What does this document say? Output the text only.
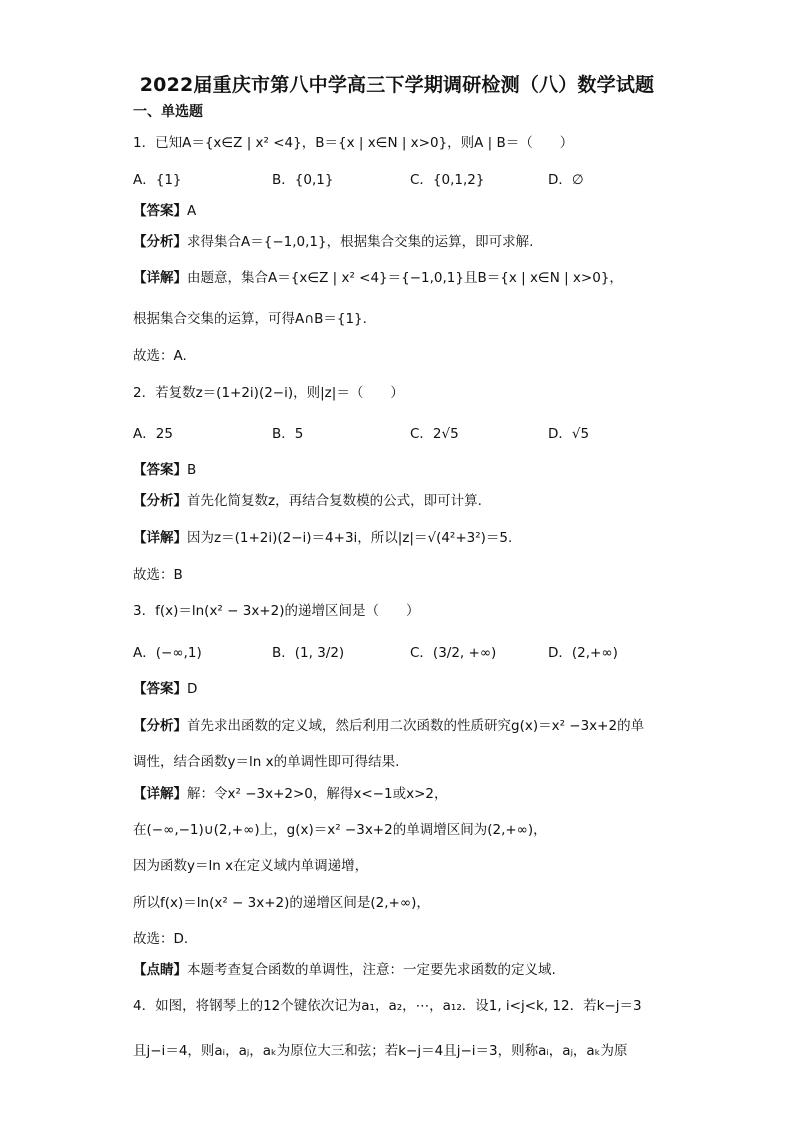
2022届重庆市第八中学高三下学期调研检测（八）数学试题
一、单选题
1．已知A＝{x∈Z | x² <4}，B＝{x | x∈N | x>0}，则A | B＝（　　）
A．{1}	B．{0,1}	C．{0,1,2}	D．∅
【答案】A
【分析】求得集合A＝{−1,0,1}，根据集合交集的运算，即可求解.
【详解】由题意，集合A＝{x∈Z | x² <4}＝{−1,0,1}且B＝{x | x∈N | x>0}，
根据集合交集的运算，可得A∩B＝{1}.
故选：A.
2．若复数z＝(1+2i)(2−i)，则|z|＝（　　）
A．25	B．5	C．2√5	D．√5
【答案】B
【分析】首先化简复数z，再结合复数模的公式，即可计算.
【详解】因为z＝(1+2i)(2−i)＝4+3i，所以|z|＝√(4²+3²)＝5.
故选：B
3．f(x)＝ln(x² − 3x+2)的递增区间是（　　）
A．(−∞,1)	B．(1, 3/2)	C．(3/2, +∞)	D．(2,+∞)
【答案】D
【分析】首先求出函数的定义域，然后利用二次函数的性质研究g(x)＝x² −3x+2的单
调性，结合函数y＝ln x的单调性即可得结果.
【详解】解：令x² −3x+2>0，解得x<−1或x>2，
在(−∞,−1)∪(2,+∞)上，g(x)＝x² −3x+2的单调增区间为(2,+∞)，
因为函数y＝ln x在定义域内单调递增，
所以f(x)＝ln(x² − 3x+2)的递增区间是(2,+∞)，
故选：D.
【点睛】本题考查复合函数的单调性，注意：一定要先求函数的定义域.
4．如图，将钢琴上的12个键依次记为a₁，a₂，⋯，a₁₂．设1, i<j<k, 12．若k−j＝3
且j−i＝4，则aᵢ，aⱼ，aₖ为原位大三和弦；若k−j＝4且j−i＝3，则称aᵢ，aⱼ，aₖ为原
